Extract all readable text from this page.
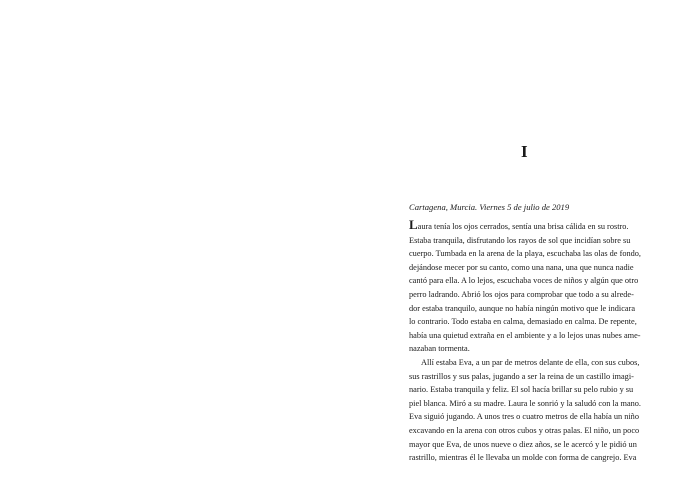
I
Cartagena, Murcia. Viernes 5 de julio de 2019
Laura tenía los ojos cerrados, sentía una brisa cálida en su rostro.
Estaba tranquila, disfrutando los rayos de sol que incidían sobre su
cuerpo. Tumbada en la arena de la playa, escuchaba las olas de fondo,
dejándose mecer por su canto, como una nana, una que nunca nadie
cantó para ella. A lo lejos, escuchaba voces de niños y algún que otro
perro ladrando. Abrió los ojos para comprobar que todo a su alrede-
dor estaba tranquilo, aunque no había ningún motivo que le indicara
lo contrario. Todo estaba en calma, demasiado en calma. De repente,
había una quietud extraña en el ambiente y a lo lejos unas nubes ame-
nazaban tormenta.
Allí estaba Eva, a un par de metros delante de ella, con sus cubos,
sus rastrillos y sus palas, jugando a ser la reina de un castillo imagi-
nario. Estaba tranquila y feliz. El sol hacía brillar su pelo rubio y su
piel blanca. Miró a su madre. Laura le sonrió y la saludó con la mano.
Eva siguió jugando. A unos tres o cuatro metros de ella había un niño
excavando en la arena con otros cubos y otras palas. El niño, un poco
mayor que Eva, de unos nueve o diez años, se le acercó y le pidió un
rastrillo, mientras él le llevaba un molde con forma de cangrejo. Eva
